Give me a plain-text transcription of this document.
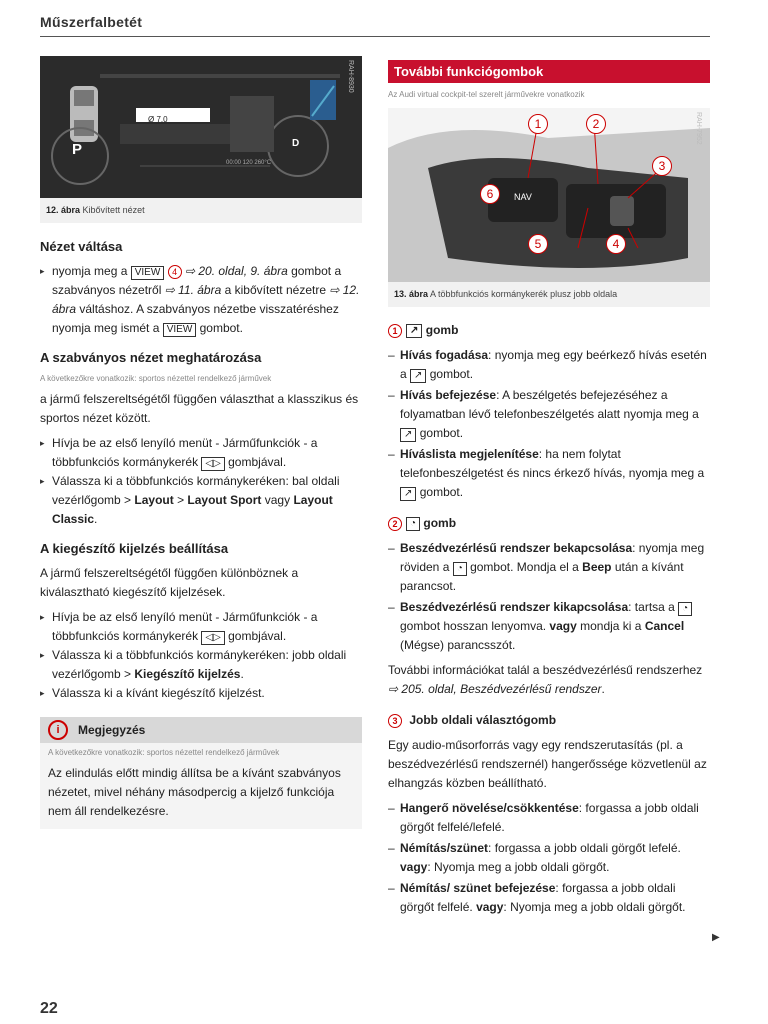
Műszerfalbetét
P	D
Ø 7.0
00:00 120 260°C
RAH-8930
12. ábra Kibővített nézet
Nézet váltása

▸ nyomja meg a VIEW 4 ⇨ 20. oldal, 9. ábra gombot a szabványos nézetről ⇨ 11. ábra a kibővített nézetre ⇨ 12. ábra váltáshoz. A szabványos nézetbe visszatéréshez nyomja meg ismét a VIEW gombot.

A szabványos nézet meghatározása
A következőkre vonatkozik: sportos nézettel rendelkező járművek

a jármű felszereltségétől függően választhat a klasszikus és sportos nézet között.

▸ Hívja be az első lenyíló menüt - Járműfunkciók - a többfunkciós kormánykerék ◁▷ gombjával.

▸ Válassza ki a többfunkciós kormánykeréken: bal oldali vezérlőgomb > Layout > Layout Sport vagy Layout Classic.

A kiegészítő kijelzés beállítása

A jármű felszereltségétől függően különböznek a kiválasztható kiegészítő kijelzések.

▸ Hívja be az első lenyíló menüt - Járműfunkciók - a többfunkciós kormánykerék ◁▷ gombjával.

▸ Válassza ki a többfunkciós kormánykeréken: jobb oldali vezérlőgomb > Kiegészítő kijelzés.

▸ Válassza ki a kívánt kiegészítő kijelzést.

i	Megjegyzés
A következőkre vonatkozik: sportos nézettel rendelkező járművek
Az elindulás előtt mindig állítsa be a kívánt szabványos nézetet, mivel néhány másodpercig a kijelző funkciója nem áll rendelkezésre.
További funkciógombok
Az Audi virtual cockpit-tel szerelt járművekre vonatkozik
1	2
3
4
5
6	NAV
RAH-7952
13. ábra A többfunkciós kormánykerék plusz jobb oldala
1	↗
gomb

– Hívás fogadása: nyomja meg egy beérkező hívás esetén a ↗ gombot.

– Hívás befejezése: A beszélgetés befejezéséhez a folyamatban lévő telefonbeszélgetés alatt nyomja meg a ↗ gombot.

– Híváslista megjelenítése: ha nem folytat telefonbeszélgetést és nincs érkező hívás, nyomja meg a ↗ gombot.

2	◔
gomb

– Beszédvezérlésű rendszer bekapcsolása: nyomja meg röviden a ◔ gombot. Mondja el a Beep után a kívánt parancsot.

– Beszédvezérlésű rendszer kikapcsolása: tartsa a ◔ gombot hosszan lenyomva. vagy mondja ki a Cancel (Mégse) parancsszót.

További információkat talál a beszédvezérlésű rendszerhez ⇨ 205. oldal, Beszédvezérlésű rendszer.

3
Jobb oldali választógomb

Egy audio-műsorforrás vagy egy rendszerutasítás (pl. a beszédvezérlésű rendszernél) hangerőssége közvetlenül az elhangzás közben beállítható.

– Hangerő növelése/csökkentése: forgassa a jobb oldali görgőt felfelé/lefelé.

– Némítás/szünet: forgassa a jobb oldali görgőt lefelé. vagy: Nyomja meg a jobb oldali görgőt.

– Némítás/ szünet befejezése: forgassa a jobb oldali görgőt felfelé. vagy: Nyomja meg a jobb oldali görgőt.

▶
22
